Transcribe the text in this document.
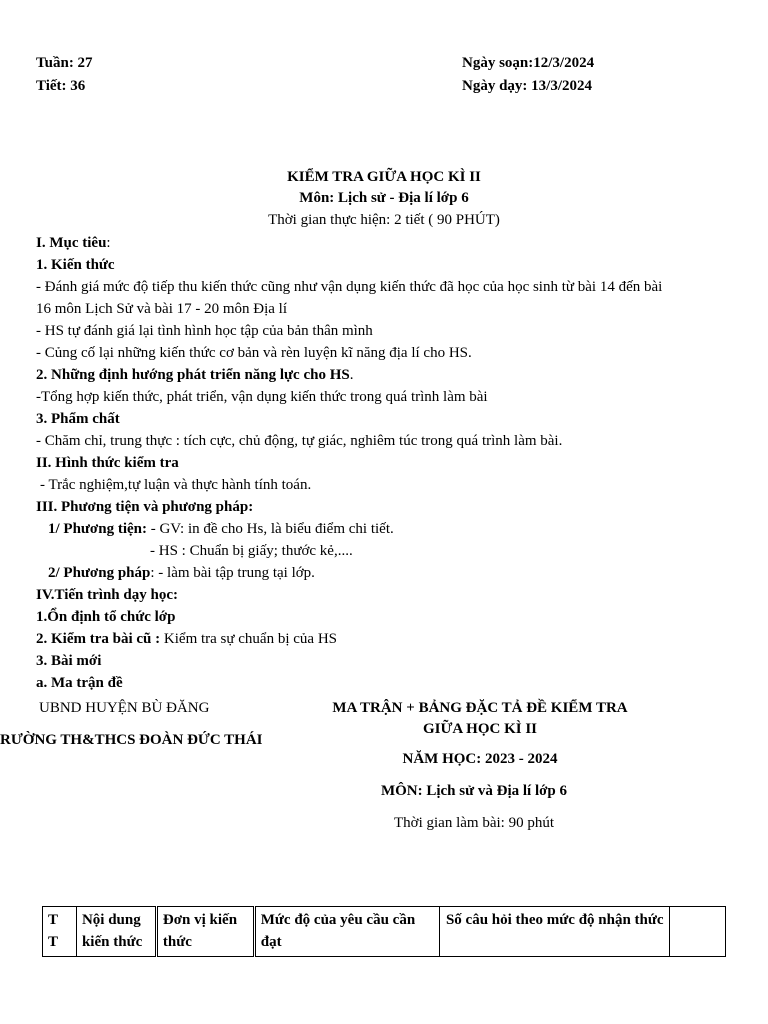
Tuần: 27
Tiết: 36
Ngày soạn:12/3/2024
Ngày dạy: 13/3/2024
KIỂM TRA GIỮA HỌC KÌ II
Môn: Lịch sử - Địa lí lớp 6
Thời gian thực hiện: 2 tiết ( 90 PHÚT)
I. Mục tiêu:
1. Kiến thức
- Đánh giá mức độ tiếp thu kiến thức cũng như vận dụng kiến thức đã học của học sinh từ bài 14 đến bài
16 môn Lịch Sử và bài 17 - 20 môn Địa lí
- HS tự đánh giá lại tình hình học tập của bản thân mình
- Củng cố lại những kiến thức cơ bản và rèn luyện kĩ năng địa lí cho HS.
2. Những định hướng phát triển năng lực cho HS.
-Tổng hợp kiến thức, phát triển, vận dụng kiến thức trong quá trình làm bài
3. Phẩm chất
- Chăm chỉ, trung thực : tích cực, chủ động, tự giác, nghiêm túc trong quá trình làm bài.
II. Hình thức kiểm tra
- Trắc nghiệm,tự luận và thực hành tính toán.
III. Phương tiện và phương pháp:
1/ Phương tiện: - GV: in đề cho Hs, là biểu điểm chi tiết.
- HS : Chuẩn bị giấy; thước kẻ,....
2/ Phương pháp: - làm bài tập trung tại lớp.
IV.Tiến trình dạy học:
1.Ổn định tổ chức lớp
2. Kiểm tra bài cũ : Kiểm tra sự chuẩn bị của HS
3. Bài mới
a. Ma trận đề
UBND HUYỆN BÙ ĐĂNG
RƯỜNG TH&THCS ĐOÀN ĐỨC THÁI
MA TRẬN + BẢNG ĐẶC TẢ ĐỀ KIỂM TRA
GIỮA HỌC KÌ II
NĂM HỌC: 2023 - 2024
MÔN: Lịch sử và Địa lí lớp 6
Thời gian làm bài: 90 phút
T T	Nội dung kiến thức	Đơn vị kiến thức	Mức độ của yêu cầu cần đạt	Số câu hỏi theo mức độ nhận thức	
